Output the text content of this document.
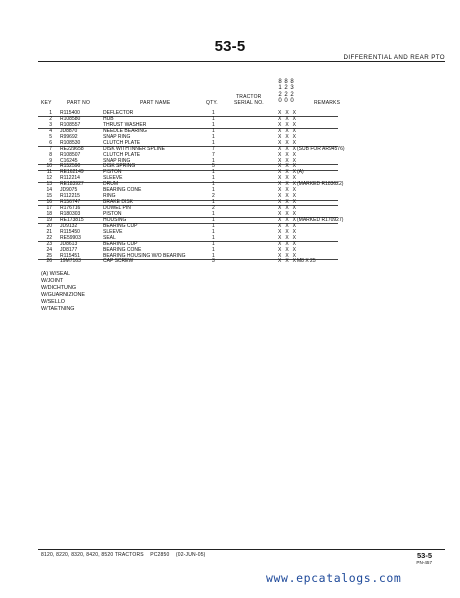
53-5
DIFFERENTIAL AND REAR PTO
8
1
2
0
8
2
2
0
8
3
2
0
KEY	PART NO	PART NAME	QTY.
TRACTOR
SERIAL NO.	REMARKS
1 R115400	DEFLECTOR	1	X X X
2 R108580	HUB	1	X X X
3 R108557	THRUST WASHER	1	X X X
4 JD8870	NEEDLE BEARING	1	X X X
5 R99692	SNAP RING	1	X X X
6 R108530	CLUTCH PLATE	1	X X X
7 RE229658	DISK WITH INNER SPLINE	7	X X X (SUB FOR AR94576)
8 R108507	CLUTCH PLATE	7	X X X
9 C16245	SNAP RING	1	X X X
10 R152590	DISK SPRING	5	X X X
11 RE162149	PISTON	1	X X X (A)
12 R112214	SLEEVE	1	X X X
13 RE183927	DRUM	1	X X X (MARKED R183622)
14 JD9075	BEARING CONE	1	X X X
15 R112215	RING	2	X X X
16 R156747	BRAKE DISK	1	X X X
17 R176716	DOWEL PIN	2	X X X
18 R180303	PISTON	1	X X X
19 RE173815	HOUSING	1	X X X (MARKED R170927)
20 JD9132	BEARING CUP	1	X X X
21 R115450	SLEEVE	1	X X X
22 RE59903	SEAL	1	X X X
23 JD8613	BEARING CUP	1	X X X
24 JD8177	BEARING CONE	1	X X X
25 R115451	BEARING HOUSING W/O BEARING	1	X X X
26 19M7163	CAP SCREW	3	X X X M8 X 25
(A) W/SEAL
W/JOINT
W/DICHTUNG
W/GUARNIZIONE
W/SELLO
W/TAETNING
8120, 8220, 8320, 8420, 8520 TRACTORS PC2850 (02-JUN-05)	53-5
PN-457
www.epcatalogs.com
